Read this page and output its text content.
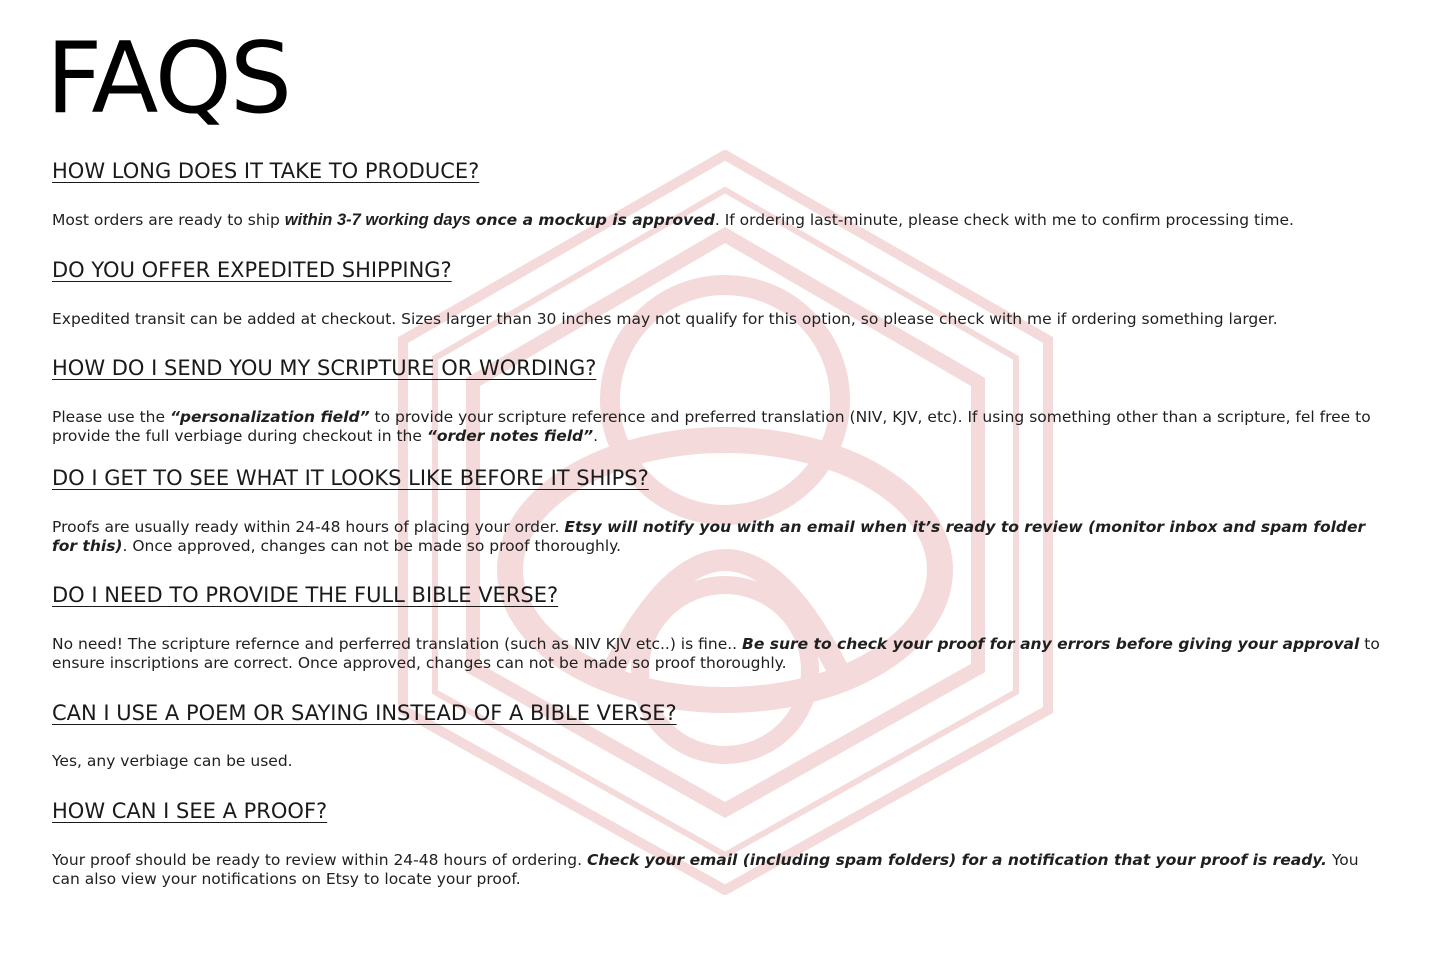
FAQS
HOW LONG DOES IT TAKE TO PRODUCE?

Most orders are ready to ship within 3-7 working days once a mockup is approved. If ordering last-minute, please check with me to confirm processing time.

DO YOU OFFER EXPEDITED SHIPPING?

Expedited transit can be added at checkout. Sizes larger than 30 inches may not qualify for this option, so please check with me if ordering something larger.

HOW DO I SEND YOU MY SCRIPTURE OR WORDING?

Please use the “personalization field” to provide your scripture reference and preferred translation (NIV, KJV, etc). If using something other than a scripture, fel free to provide the full verbiage during checkout in the “order notes field”.

DO I GET TO SEE WHAT IT LOOKS LIKE BEFORE IT SHIPS?

Proofs are usually ready within 24-48 hours of placing your order. Etsy will notify you with an email when it’s ready to review (monitor inbox and spam folder for this). Once approved, changes can not be made so proof thoroughly.

DO I NEED TO PROVIDE THE FULL BIBLE VERSE?

No need! The scripture refernce and perferred translation (such as NIV KJV etc..) is fine.. Be sure to check your proof for any errors before giving your approval to ensure inscriptions are correct. Once approved, changes can not be made so proof thoroughly.

CAN I USE A POEM OR SAYING INSTEAD OF A BIBLE VERSE?

Yes, any verbiage can be used.

HOW CAN I SEE A PROOF?

Your proof should be ready to review within 24-48 hours of ordering. Check your email (including spam folders) for a notification that your proof is ready. You can also view your notifications on Etsy to locate your proof.
